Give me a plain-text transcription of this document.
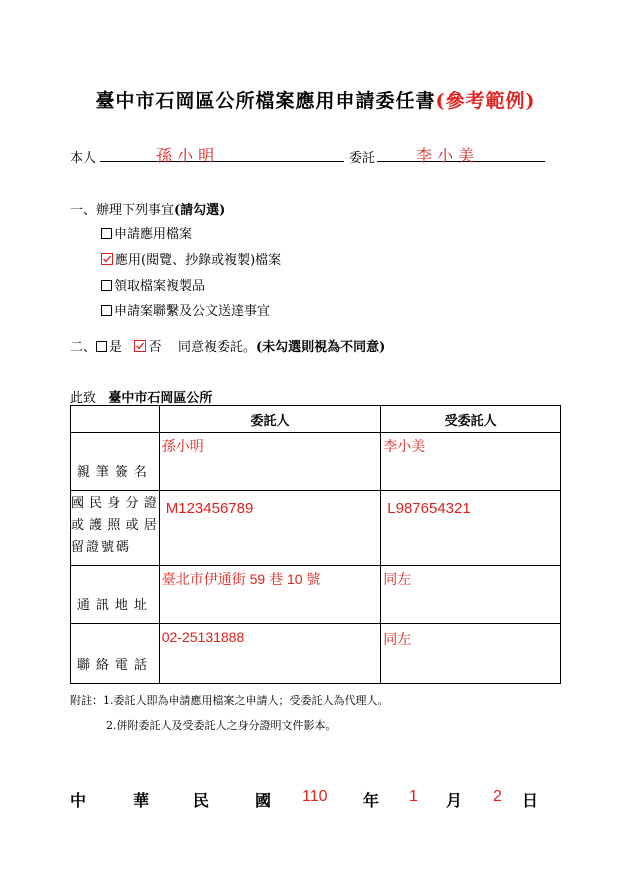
臺中市石岡區公所檔案應用申請委任書(參考範例)
本人	孫 小 明	委託	李 小 美
一、辦理下列事宜(請勾選)
申請應用檔案
應用(閱覽、抄錄或複製)檔案
領取檔案複製品
申請案聯繫及公文送達事宜
二、 是 否 同意複委託。(未勾選則視為不同意)
此致 臺中市石岡區公所
	委託人	受委託人
親筆簽名	孫小明	李小美
國民身分證或護照或居留證號碼	M123456789	L987654321
通訊地址	臺北市伊通街 59 巷 10 號	同左
聯絡電話	02-25131888	同左
附註：1.委託人即為申請應用檔案之申請人；受委託人為代理人。
2.併附委託人及受委託人之身分證明文件影本。
中	華	民	國 110 年 1 月 2 日
